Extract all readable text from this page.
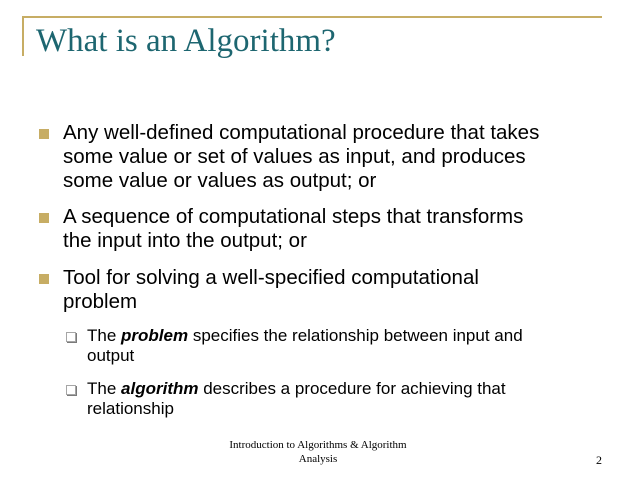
What is an Algorithm?
Any well-defined computational procedure that takes
some value or set of values as input, and produces
some value or values as output; or
A sequence of computational steps that transforms
the input into the output; or
Tool for solving a well-specified computational
problem
The problem specifies the relationship between input and
output
The algorithm describes a procedure for achieving that
relationship
Introduction to Algorithms & Algorithm
Analysis	2
